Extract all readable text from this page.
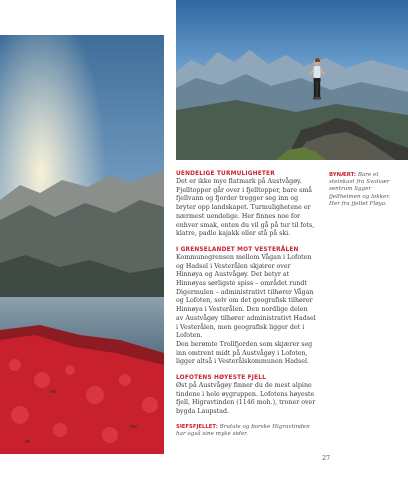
UENDELIGE TURMULIGHETER

Det er ikke mye flatmark på Austvågøy. Fjelltopper går over i fjelltopper, bare små fjellvann og fjorder tregger seg inn og bryter opp landskapet. Turmulighetene er nærmest uendelige. Her finnes noe for enhver smak, enten du vil gå på tur til fots, klatre, padle kajakk eller stå på ski.

I GRENSELANDET MOT VESTERÅLEN

Kommunegrensen mellom Vågan i Lofoten og Hadsel i Vesterålen skjærer over Hinnøya og Austvågøy. Det betyr at Hinnøyas sørligste spiss – området rundt Digermulen – administrativt tilhører Vågan og Lofoten, selv om det geografisk tilhører Hinnøya i Vesterålen. Den nordlige delen av Austvågøy tilhører administrativt Hadsel i Vesterålen, men geografisk ligger det i Lofoten.
Den berømte Trollfjorden som skjærer seg inn omtrent midt på Austvågøy i Lofoten, ligger altså i Vesterålskommunen Hadsel.

LOFOTENS HØYESTE FJELL

Øst på Austvågøy finner du de mest alpine tindene i hele øygruppen. Lofotens høyeste fjell, Higravtinden (1146 moh.), troner over bygda Laupstad.

SIEFSFJELLET: Brutale og barske Higravtinden har også sine myke sider.
BYNÆRT: Bare et steinkast fra Svolvær sentrum ligger fjellheimen og lokker. Her fra fjellet Fløya.
27
